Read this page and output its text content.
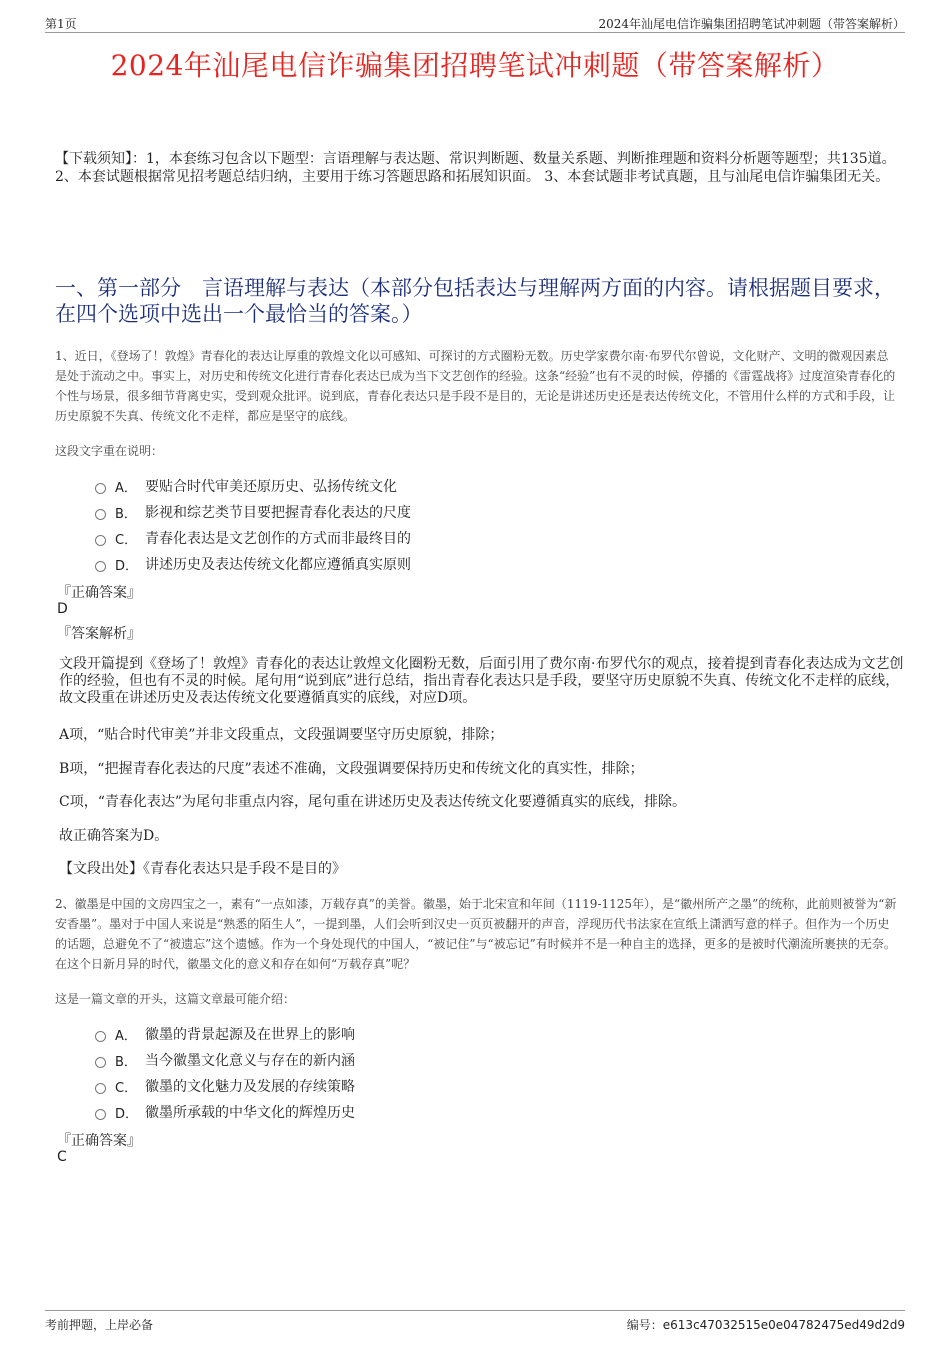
第1页	2024年汕尾电信诈骗集团招聘笔试冲刺题（带答案解析）
2024年汕尾电信诈骗集团招聘笔试冲刺题（带答案解析）
【下载须知】：1，本套练习包含以下题型：言语理解与表达题、常识判断题、数量关系题、判断推理题和资料分析题等题型；共135道。 2、本套试题根据常见招考题总结归纳，主要用于练习答题思路和拓展知识面。 3、本套试题非考试真题，且与汕尾电信诈骗集团无关。
一、第一部分　言语理解与表达（本部分包括表达与理解两方面的内容。请根据题目要求，在四个选项中选出一个最恰当的答案。）
1、近日，《登场了！敦煌》青春化的表达让厚重的敦煌文化以可感知、可探讨的方式圈粉无数。历史学家费尔南·布罗代尔曾说，文化财产、文明的微观因素总是处于流动之中。事实上，对历史和传统文化进行青春化表达已成为当下文艺创作的经验。这条“经验”也有不灵的时候，停播的《雷霆战将》过度渲染青春化的个性与场景，很多细节背离史实，受到观众批评。说到底，青春化表达只是手段不是目的，无论是讲述历史还是表达传统文化，不管用什么样的方式和手段，让历史原貌不失真、传统文化不走样，都应是坚守的底线。
这段文字重在说明：
A． 要贴合时代审美还原历史、弘扬传统文化
B． 影视和综艺类节目要把握青春化表达的尺度
C． 青春化表达是文艺创作的方式而非最终目的
D． 讲述历史及表达传统文化都应遵循真实原则
『正确答案』
D
『答案解析』
文段开篇提到《登场了！敦煌》青春化的表达让敦煌文化圈粉无数，后面引用了费尔南·布罗代尔的观点，接着提到青春化表达成为文艺创作的经验，但也有不灵的时候。尾句用“说到底”进行总结，指出青春化表达只是手段，要坚守历史原貌不失真、传统文化不走样的底线，故文段重在讲述历史及表达传统文化要遵循真实的底线，对应D项。
A项，“贴合时代审美”并非文段重点，文段强调要坚守历史原貌，排除；
B项，“把握青春化表达的尺度”表述不准确，文段强调要保持历史和传统文化的真实性，排除；
C项，“青春化表达”为尾句非重点内容，尾句重在讲述历史及表达传统文化要遵循真实的底线，排除。
故正确答案为D。
【文段出处】《青春化表达只是手段不是目的》
2、徽墨是中国的文房四宝之一，素有“一点如漆，万载存真”的美誉。徽墨，始于北宋宣和年间（1119-1125年），是“徽州所产之墨”的统称，此前则被誉为“新安香墨”。墨对于中国人来说是“熟悉的陌生人”，一提到墨，人们会听到汉史一页页被翻开的声音，浮现历代书法家在宣纸上潇洒写意的样子。但作为一个历史的话题，总避免不了“被遗忘”这个遗憾。作为一个身处现代的中国人，“被记住”与“被忘记”有时候并不是一种自主的选择，更多的是被时代潮流所裹挟的无奈。在这个日新月异的时代，徽墨文化的意义和存在如何“万载存真”呢？
这是一篇文章的开头，这篇文章最可能介绍：
A． 徽墨的背景起源及在世界上的影响
B． 当今徽墨文化意义与存在的新内涵
C． 徽墨的文化魅力及发展的存续策略
D． 徽墨所承载的中华文化的辉煌历史
『正确答案』
C
考前押题，上岸必备	编号：e613c47032515e0e04782475ed49d2d9
